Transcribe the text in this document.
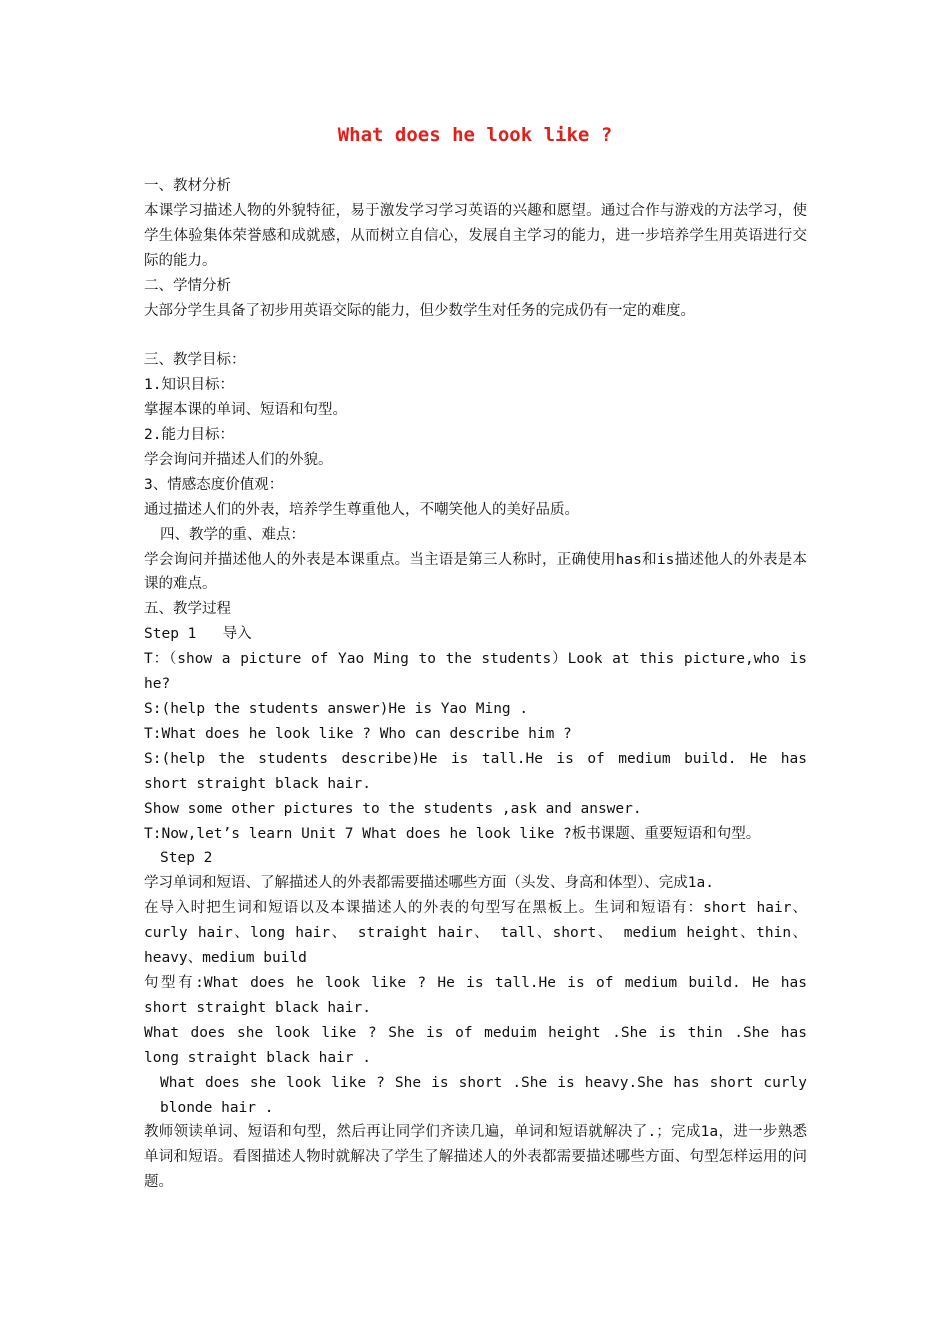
What does he look like ?

一、教材分析

本课学习描述人物的外貌特征，易于激发学习学习英语的兴趣和愿望。通过合作与游戏的方法学习，使学生体验集体荣誉感和成就感，从而树立自信心，发展自主学习的能力，进一步培养学生用英语进行交际的能力。

二、学情分析

大部分学生具备了初步用英语交际的能力，但少数学生对任务的完成仍有一定的难度。

三、教学目标：

1.知识目标：

掌握本课的单词、短语和句型。

2.能力目标：

学会询问并描述人们的外貌。

3、情感态度价值观：

通过描述人们的外表，培养学生尊重他人，不嘲笑他人的美好品质。

四、教学的重、难点：

学会询问并描述他人的外表是本课重点。当主语是第三人称时，正确使用has和is描述他人的外表是本课的难点。

五、教学过程

Step 1   导入

T：（show a picture of Yao Ming to the students）Look at this picture,who is he?

S:(help the students answer)He is Yao Ming .

T:What does he look like ? Who can describe him ?

S:(help the students describe)He is tall.He is of medium build. He has short straight black hair.

Show some other pictures to the students ,ask and answer.

T:Now,let’s learn Unit 7 What does he look like ?板书课题、重要短语和句型。

Step 2

学习单词和短语、了解描述人的外表都需要描述哪些方面（头发、身高和体型）、完成1a.

在导入时把生词和短语以及本课描述人的外表的句型写在黑板上。生词和短语有：short hair、curly hair、long hair、 straight hair、 tall、short、 medium height、thin、heavy、medium build

句型有:What does he look like ? He is tall.He is of medium build. He has short straight black hair.

What does she look like ? She is of meduim height .She is thin .She has long straight black hair .

What does she look like ? She is short .She is heavy.She has short curly blonde hair .

教师领读单词、短语和句型，然后再让同学们齐读几遍，单词和短语就解决了.；完成1a，进一步熟悉单词和短语。看图描述人物时就解决了学生了解描述人的外表都需要描述哪些方面、句型怎样运用的问题。
